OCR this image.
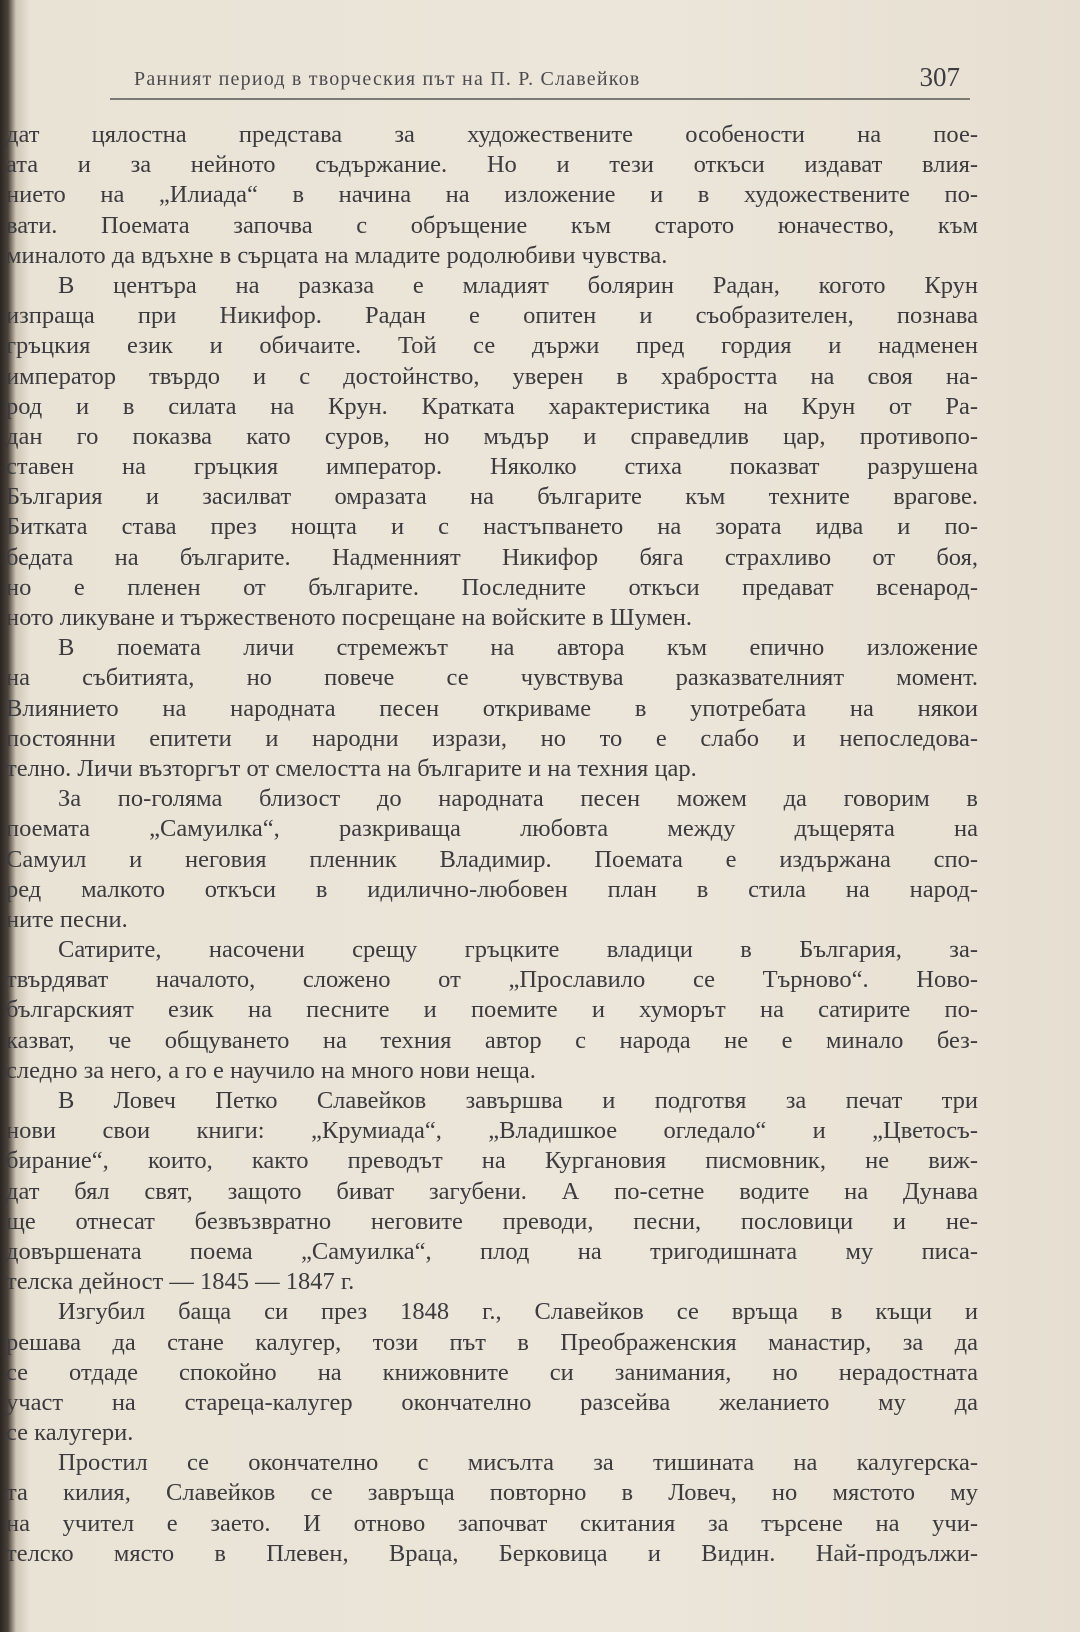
Ранният период в творческия път на П. Р. Славейков	307
дат цялостна представа за художествените особености на пое-
ата и за нейното съдържание. Но и тези откъси издават влия-
нието на „Илиада“ в начина на изложение и в художествените по-
вати. Поемата започва с обръщение към старото юначество, към
миналото да вдъхне в сърцата на младите родолюбиви чувства.
В центъра на разказа е младият болярин Радан, когото Крун
изпраща при Никифор. Радан е опитен и съобразителен, познава
гръцкия език и обичаите. Той се държи пред гордия и надменен
император твърдо и с достойнство, уверен в храбростта на своя на-
род и в силата на Крун. Кратката характеристика на Крун от Ра-
дан го показва като суров, но мъдър и справедлив цар, противопо-
ставен на гръцкия император. Няколко стиха показват разрушена
България и засилват омразата на българите към техните врагове.
Битката става през нощта и с настъпването на зората идва и по-
бедата на българите. Надменният Никифор бяга страхливо от боя,
но е пленен от българите. Последните откъси предават всенарод-
ното ликуване и тържественото посрещане на войските в Шумен.
В поемата личи стремежът на автора към епично изложение
на събитията, но повече се чувствува разказвателният момент.
Влиянието на народната песен откриваме в употребата на някои
постоянни епитети и народни изрази, но то е слабо и непоследова-
телно. Личи възторгът от смелостта на българите и на техния цар.
За по-голяма близост до народната песен можем да говорим в
поемата „Самуилка“, разкриваща любовта между дъщерята на
Самуил и неговия пленник Владимир. Поемата е издържана спо-
ред малкото откъси в идилично-любовен план в стила на народ-
ните песни.
Сатирите, насочени срещу гръцките владици в България, за-
твърдяват началото, сложено от „Прославило се Търново“. Ново-
българският език на песните и поемите и хуморът на сатирите по-
казват, че общуването на техния автор с народа не е минало без-
следно за него, а го е научило на много нови неща.
В Ловеч Петко Славейков завършва и подготвя за печат три
нови свои книги: „Крумиада“, „Владишкое огледало“ и „Цветосъ-
бирание“, които, както преводът на Кургановия писмовник, не виж-
дат бял свят, защото биват загубени. А по-сетне водите на Дунава
ще отнесат безвъзвратно неговите преводи, песни, пословици и не-
довършената поема „Самуилка“, плод на тригодишната му писа-
телска дейност — 1845 — 1847 г.
Изгубил баща си през 1848 г., Славейков се връща в къщи и
решава да стане калугер, този път в Преображенския манастир, за да
се отдаде спокойно на книжовните си занимания, но нерадостната
участ на стареца-калугер окончателно разсейва желанието му да
се калугери.
Простил се окончателно с мисълта за тишината на калугерска-
та килия, Славейков се завръща повторно в Ловеч, но мястото му
на учител е заето. И отново започват скитания за търсене на учи-
телско място в Плевен, Враца, Берковица и Видин. Най-продължи-
